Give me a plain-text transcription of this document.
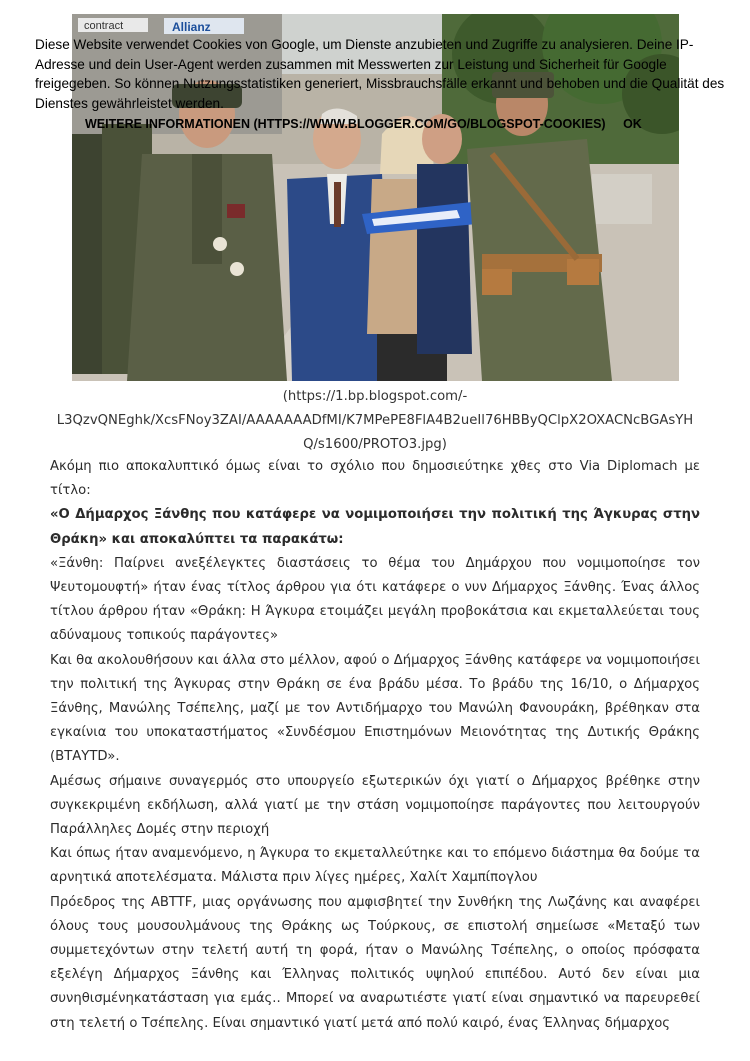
contract	Allianz
Diese Website verwendet Cookies von Google, um Dienste anzubieten und Zugriffe zu analysieren. Deine IP-Adresse und dein User-Agent werden zusammen mit Messwerten zur Leistung und Sicherheit für Google freigegeben. So können Nutzungsstatistiken generiert, Missbrauchsfälle erkannt und behoben und die Qualität des Dienstes gewährleistet werden.
WEITERE INFORMATIONEN (HTTPS://WWW.BLOGGER.COM/GO/BLOGSPOT-COOKIES) OK
(https://1.bp.blogspot.com/-L3QzvQNEghk/XcsFNoy3ZAI/AAAAAAADfMI/K7MPePE8FlA4B2ueIl76HBByQClpX2OXACNcBGAsYH Q/s1600/PROTO3.jpg)

Ακόμη πιο αποκαλυπτικό όμως είναι το σχόλιο που δημοσιεύτηκε χθες στο Via Diplomach με τίτλο:

«Ο Δήμαρχος Ξάνθης που κατάφερε να νομιμοποιήσει την πολιτική της Άγκυρας στην Θράκη» και αποκαλύπτει τα παρακάτω:

«Ξάνθη: Παίρνει ανεξέλεγκτες διαστάσεις το θέμα του Δημάρχου που νομιμοποίησε τον Ψευτομουφτή» ήταν ένας τίτλος άρθρου για ότι κατάφερε ο νυν Δήμαρχος Ξάνθης. Ένας άλλος τίτλου άρθρου ήταν «Θράκη: Η Άγκυρα ετοιμάζει μεγάλη προβοκάτσια και εκμεταλλεύεται τους αδύναμους τοπικούς παράγοντες»

Και θα ακολουθήσουν και άλλα στο μέλλον, αφού ο Δήμαρχος Ξάνθης κατάφερε να νομιμοποιήσει την πολιτική της Άγκυρας στην Θράκη σε ένα βράδυ μέσα. Το βράδυ της 16/10, ο Δήμαρχος Ξάνθης, Μανώλης Τσέπελης, μαζί με τον Αντιδήμαρχο του Μανώλη Φανουράκη, βρέθηκαν στα εγκαίνια του υποκαταστήματος «Συνδέσμου Επιστημόνων Μειονότητας της Δυτικής Θράκης (ΒΤΑΥΤD».

Αμέσως σήμαινε συναγερμός στο υπουργείο εξωτερικών όχι γιατί ο Δήμαρχος βρέθηκε στην συγκεκριμένη εκδήλωση, αλλά γιατί με την στάση νομιμοποίησε παράγοντες που λειτουργούν Παράλληλες Δομές στην περιοχή

Και όπως ήταν αναμενόμενο, η Άγκυρα το εκμεταλλεύτηκε και το επόμενο διάστημα θα δούμε τα αρνητικά αποτελέσματα. Μάλιστα πριν λίγες ημέρες, Χαλίτ Χαμπίπογλου

Πρόεδρος της ABTTF, μιας οργάνωσης που αμφισβητεί την Συνθήκη της Λωζάνης και αναφέρει όλους τους μουσουλμάνους της Θράκης ως Τούρκους, σε επιστολή σημείωσε «Μεταξύ των συμμετεχόντων στην τελετή αυτή τη φορά, ήταν ο Μανώλης Τσέπελης, ο οποίος πρόσφατα εξελέγη Δήμαρχος Ξάνθης και Έλληνας πολιτικός υψηλού επιπέδου. Αυτό δεν είναι μια συνηθισμένηκατάσταση για εμάς.. Μπορεί να αναρωτιέστε γιατί είναι σημαντικό να παρευρεθεί στη τελετή ο Τσέπελης. Είναι σημαντικό γιατί μετά από πολύ καιρό, ένας Έλληνας δήμαρχος
